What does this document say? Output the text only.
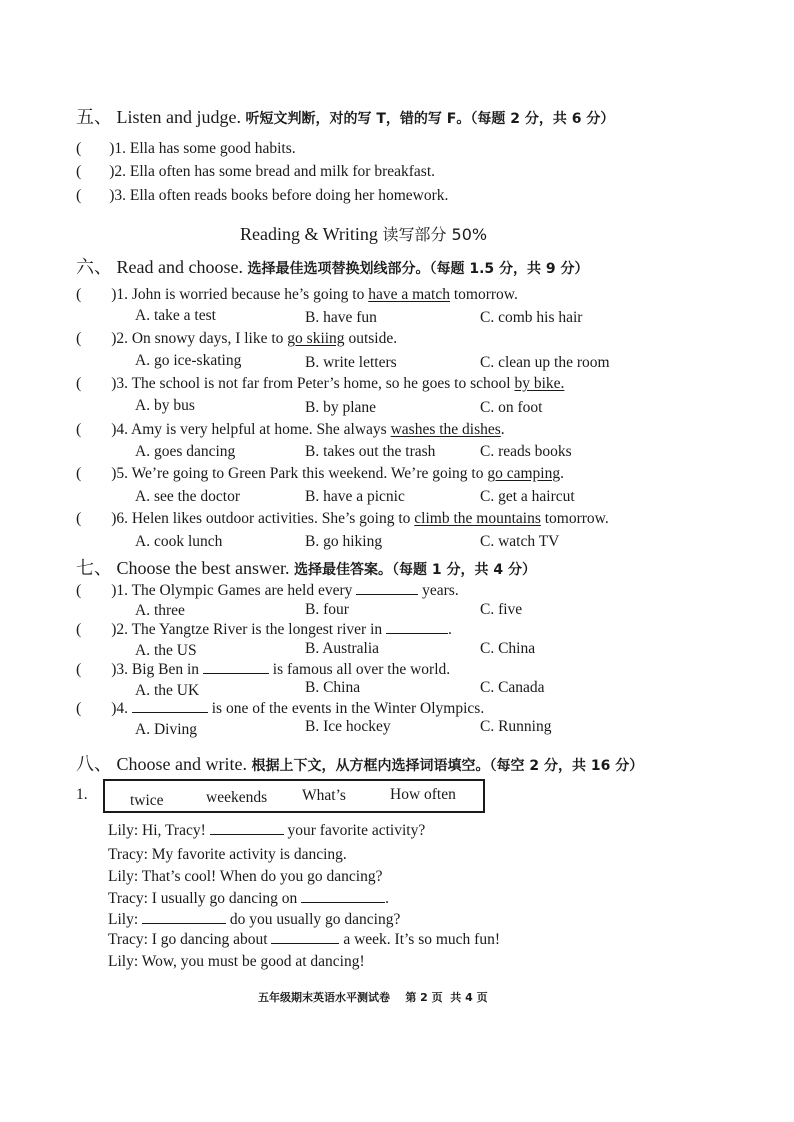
五、 Listen and judge. 听短文判断，对的写 T，错的写 F。（每题 2 分，共 6 分）
( )1. Ella has some good habits.
( )2. Ella often has some bread and milk for breakfast.
( )3. Ella often reads books before doing her homework.
Reading & Writing 读写部分 50%
六、 Read and choose. 选择最佳选项替换划线部分。（每题 1.5 分，共 9 分）
( )1. John is worried because he’s going to have a match tomorrow.
A. take a test	B. have fun	C. comb his hair
( )2. On snowy days, I like to go skiing outside.
A. go ice-skating	B. write letters	C. clean up the room
( )3. The school is not far from Peter’s home, so he goes to school by bike.
A. by bus	B. by plane	C. on foot
( )4. Amy is very helpful at home. She always washes the dishes.
A. goes dancing	B. takes out the trash	C. reads books
( )5. We’re going to Green Park this weekend. We’re going to go camping.
A. see the doctor	B. have a picnic	C. get a haircut
( )6. Helen likes outdoor activities. She’s going to climb the mountains tomorrow.
A. cook lunch	B. go hiking	C. watch TV
七、 Choose the best answer. 选择最佳答案。（每题 1 分，共 4 分）
( )1. The Olympic Games are held every	years.
A. three	B. four	C. five
( )2. The Yangtze River is the longest river in	.
A. the US	B. Australia	C. China
( )3. Big Ben in	is famous all over the world.
A. the UK	B. China	C. Canada
( )4.	is one of the events in the Winter Olympics.
A. Diving	B. Ice hockey	C. Running
八、 Choose and write. 根据上下文，从方框内选择词语填空。（每空 2 分，共 16 分）
1.	twice	weekends What’s	How often
Lily: Hi, Tracy!	your favorite activity?
Tracy: My favorite activity is dancing.
Lily: That’s cool! When do you go dancing?
Tracy: I usually go dancing on	.
Lily:	do you usually go dancing?
Tracy: I go dancing about	a week. It’s so much fun!
Lily: Wow, you must be good at dancing!
五年级期末英语水平测试卷    第 2 页  共 4 页
